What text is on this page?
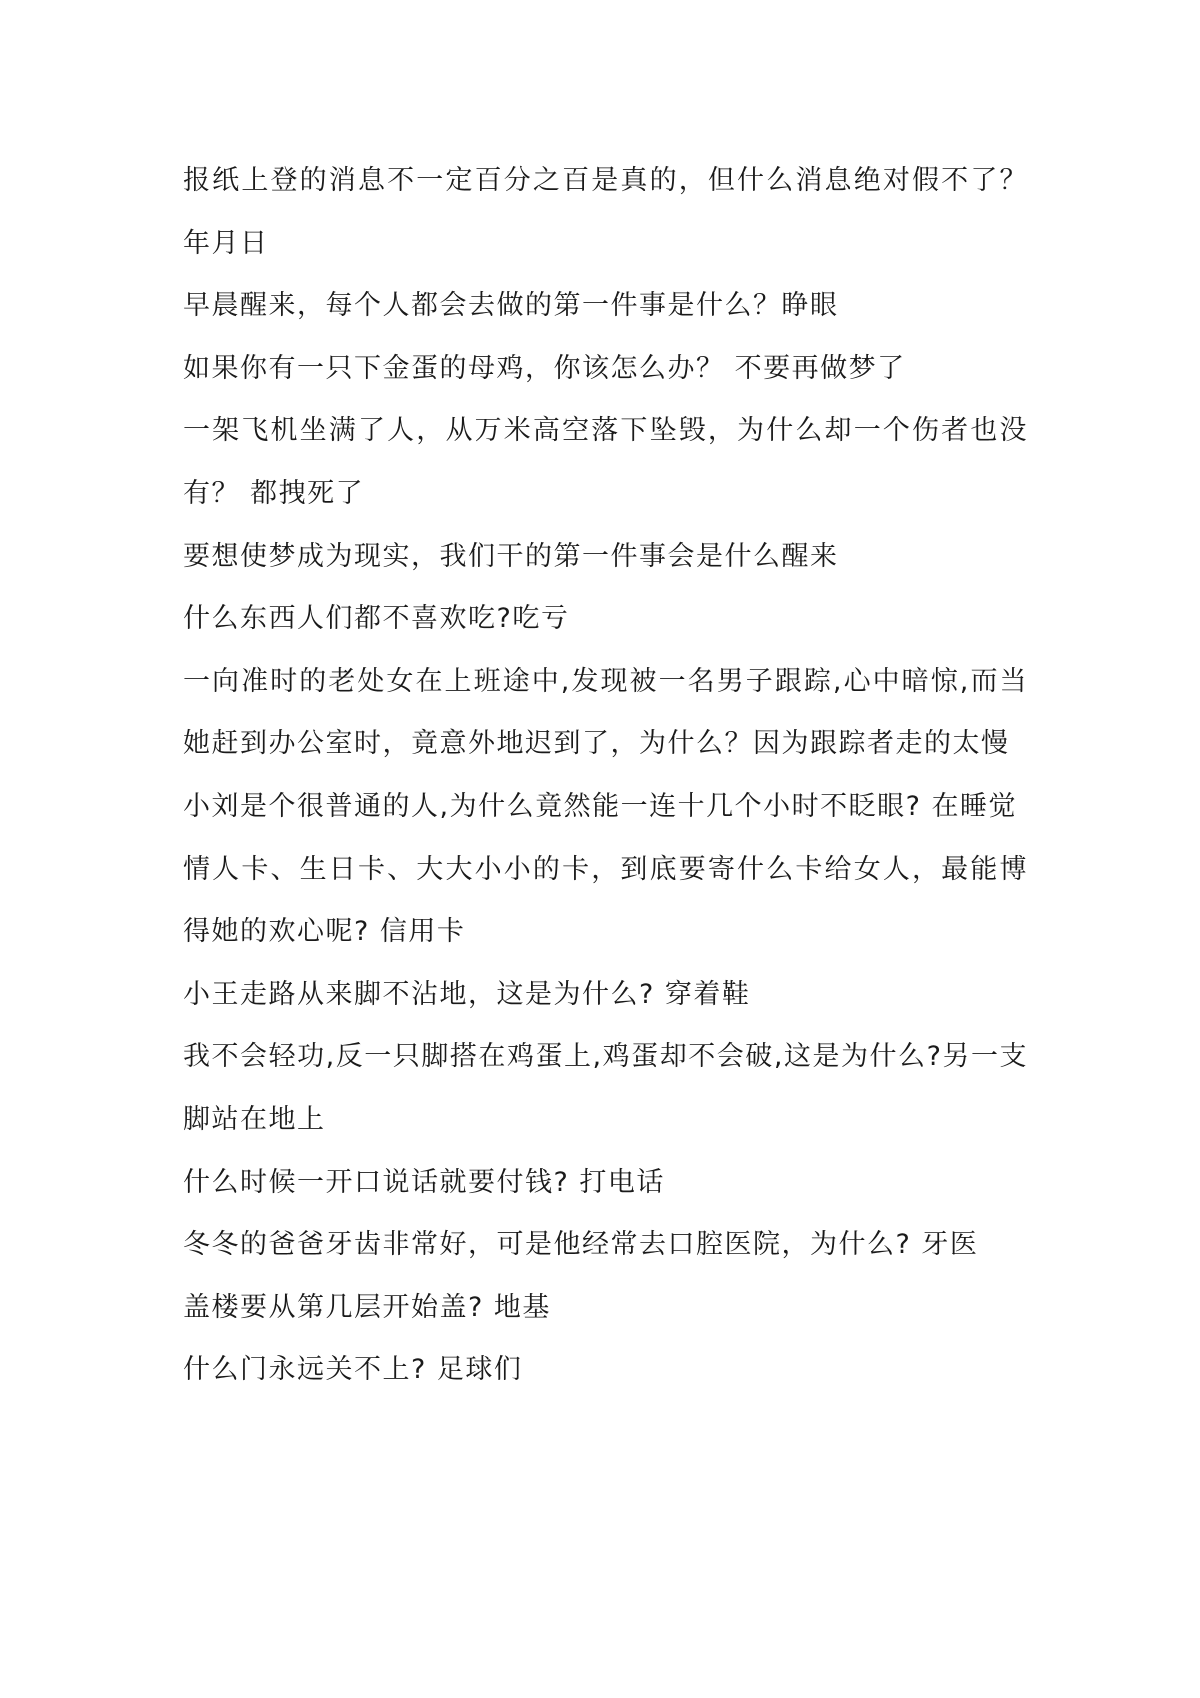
报纸上登的消息不一定百分之百是真的，但什么消息绝对假不了？年月日

早晨醒来，每个人都会去做的第一件事是什么？睁眼

如果你有一只下金蛋的母鸡，你该怎么办？ 不要再做梦了

一架飞机坐满了人，从万米高空落下坠毁，为什么却一个伤者也没有？ 都拽死了

要想使梦成为现实，我们干的第一件事会是什么醒来

什么东西人们都不喜欢吃?吃亏

一向准时的老处女在上班途中,发现被一名男子跟踪,心中暗惊,而当她赶到办公室时，竟意外地迟到了，为什么？因为跟踪者走的太慢

小刘是个很普通的人,为什么竟然能一连十几个小时不眨眼? 在睡觉

情人卡、生日卡、大大小小的卡，到底要寄什么卡给女人，最能博得她的欢心呢? 信用卡

小王走路从来脚不沾地，这是为什么? 穿着鞋

我不会轻功,反一只脚搭在鸡蛋上,鸡蛋却不会破,这是为什么?另一支脚站在地上

什么时候一开口说话就要付钱? 打电话

冬冬的爸爸牙齿非常好，可是他经常去口腔医院，为什么? 牙医

盖楼要从第几层开始盖? 地基

什么门永远关不上? 足球们
